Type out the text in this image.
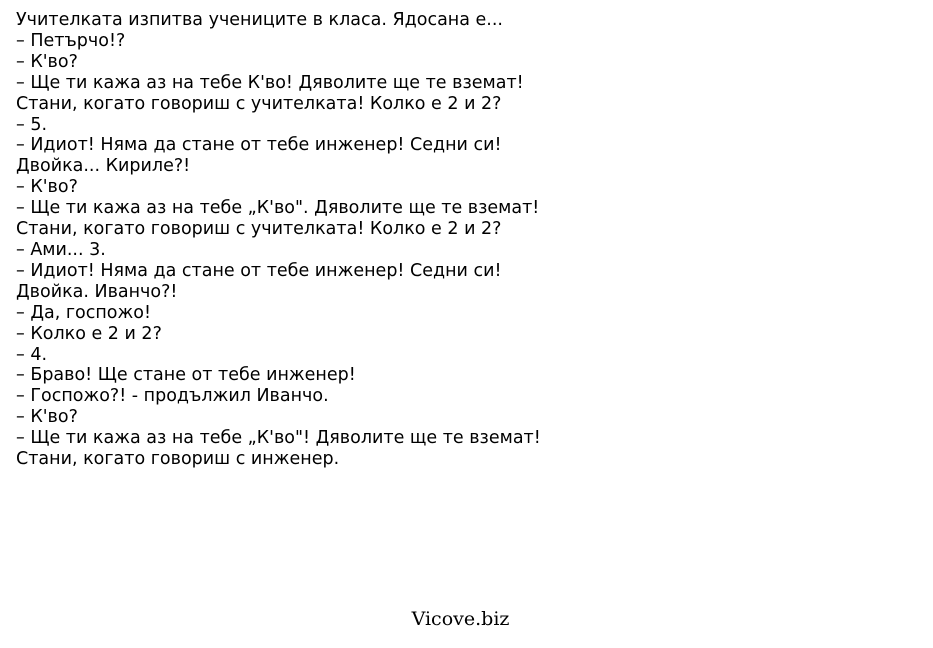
Учителката изпитва учениците в класа. Ядосана е...
– Петърчо!?
– К'во?
– Ще ти кажа аз на тебе К'во! Дяволите ще те вземат!
Стани, когато говориш с учителката! Колко е 2 и 2?
– 5.
– Идиот! Няма да стане от тебе инженер! Седни си!
Двойка... Кириле?!
– К'во?
– Ще ти кажа аз на тебе „К'во". Дяволите ще те вземат!
Стани, когато говориш с учителката! Колко е 2 и 2?
– Ами... 3.
– Идиот! Няма да стане от тебе инженер! Седни си!
Двойка. Иванчо?!
– Да, госпожо!
– Колко е 2 и 2?
– 4.
– Браво! Ще стане от тебе инженер!
– Госпожо?! - продължил Иванчо.
– К'во?
– Ще ти кажа аз на тебе „К'во"! Дяволите ще те вземат!
Стани, когато говориш с инженер.
Vicove.biz
